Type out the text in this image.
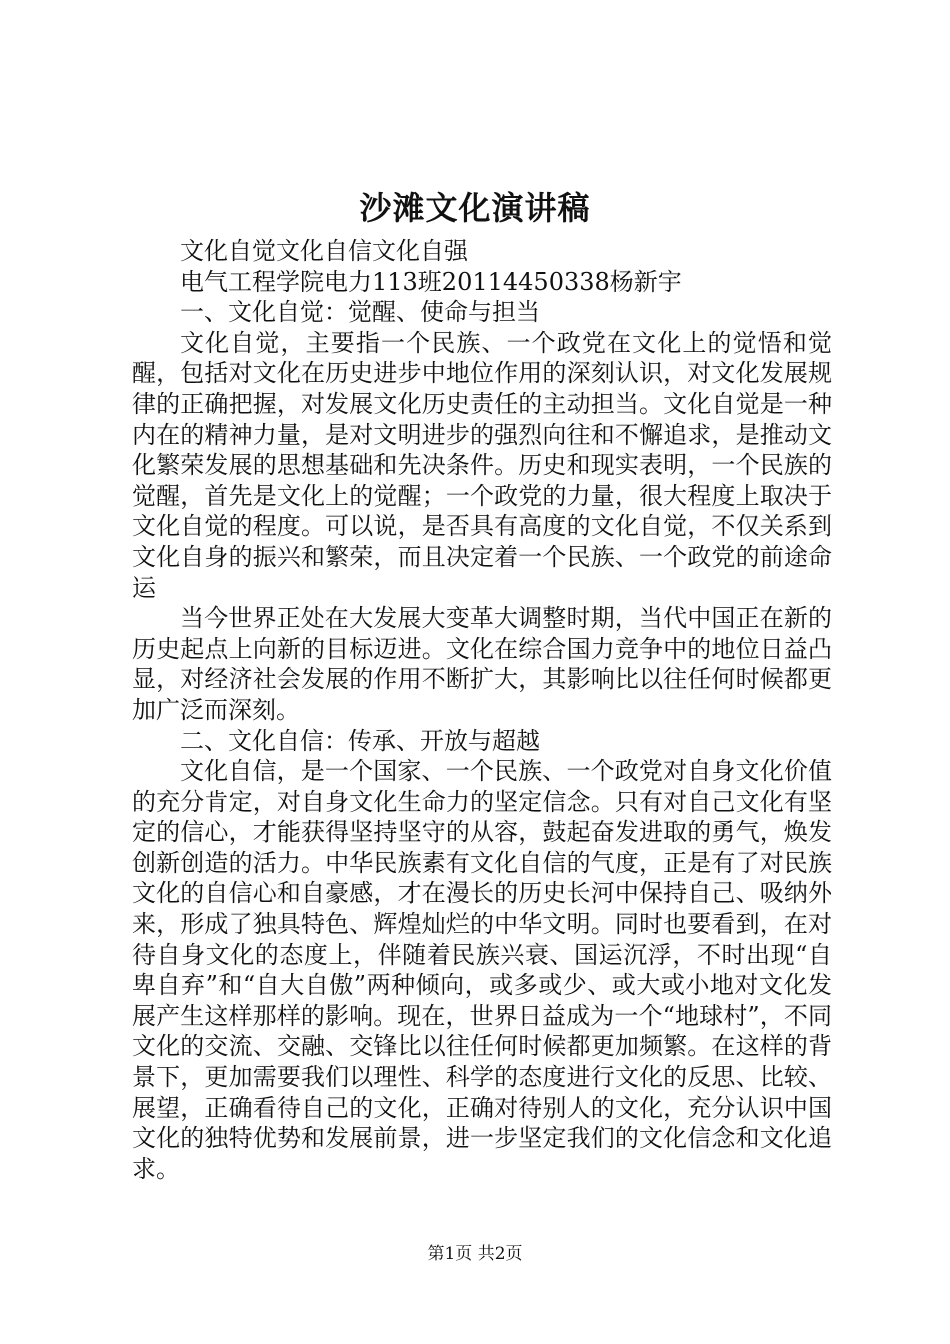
沙滩文化演讲稿

文化自觉文化自信文化自强

电气工程学院电力113班20114450338杨新宇

一、文化自觉：觉醒、使命与担当

文化自觉，主要指一个民族、一个政党在文化上的觉悟和觉醒，包括对文化在历史进步中地位作用的深刻认识，对文化发展规律的正确把握，对发展文化历史责任的主动担当。文化自觉是一种内在的精神力量，是对文明进步的强烈向往和不懈追求，是推动文化繁荣发展的思想基础和先决条件。历史和现实表明，一个民族的觉醒，首先是文化上的觉醒；一个政党的力量，很大程度上取决于文化自觉的程度。可以说，是否具有高度的文化自觉，不仅关系到文化自身的振兴和繁荣，而且决定着一个民族、一个政党的前途命运

当今世界正处在大发展大变革大调整时期，当代中国正在新的历史起点上向新的目标迈进。文化在综合国力竞争中的地位日益凸显，对经济社会发展的作用不断扩大，其影响比以往任何时候都更加广泛而深刻。

二、文化自信：传承、开放与超越

文化自信，是一个国家、一个民族、一个政党对自身文化价值的充分肯定，对自身文化生命力的坚定信念。只有对自己文化有坚定的信心，才能获得坚持坚守的从容，鼓起奋发进取的勇气，焕发创新创造的活力。中华民族素有文化自信的气度，正是有了对民族文化的自信心和自豪感，才在漫长的历史长河中保持自己、吸纳外来，形成了独具特色、辉煌灿烂的中华文明。同时也要看到，在对待自身文化的态度上，伴随着民族兴衰、国运沉浮，不时出现“自卑自弃”和“自大自傲”两种倾向，或多或少、或大或小地对文化发展产生这样那样的影响。现在，世界日益成为一个“地球村”，不同文化的交流、交融、交锋比以往任何时候都更加频繁。在这样的背景下，更加需要我们以理性、科学的态度进行文化的反思、比较、展望，正确看待自己的文化，正确对待别人的文化，充分认识中国文化的独特优势和发展前景，进一步坚定我们的文化信念和文化追求。

第1页 共2页
